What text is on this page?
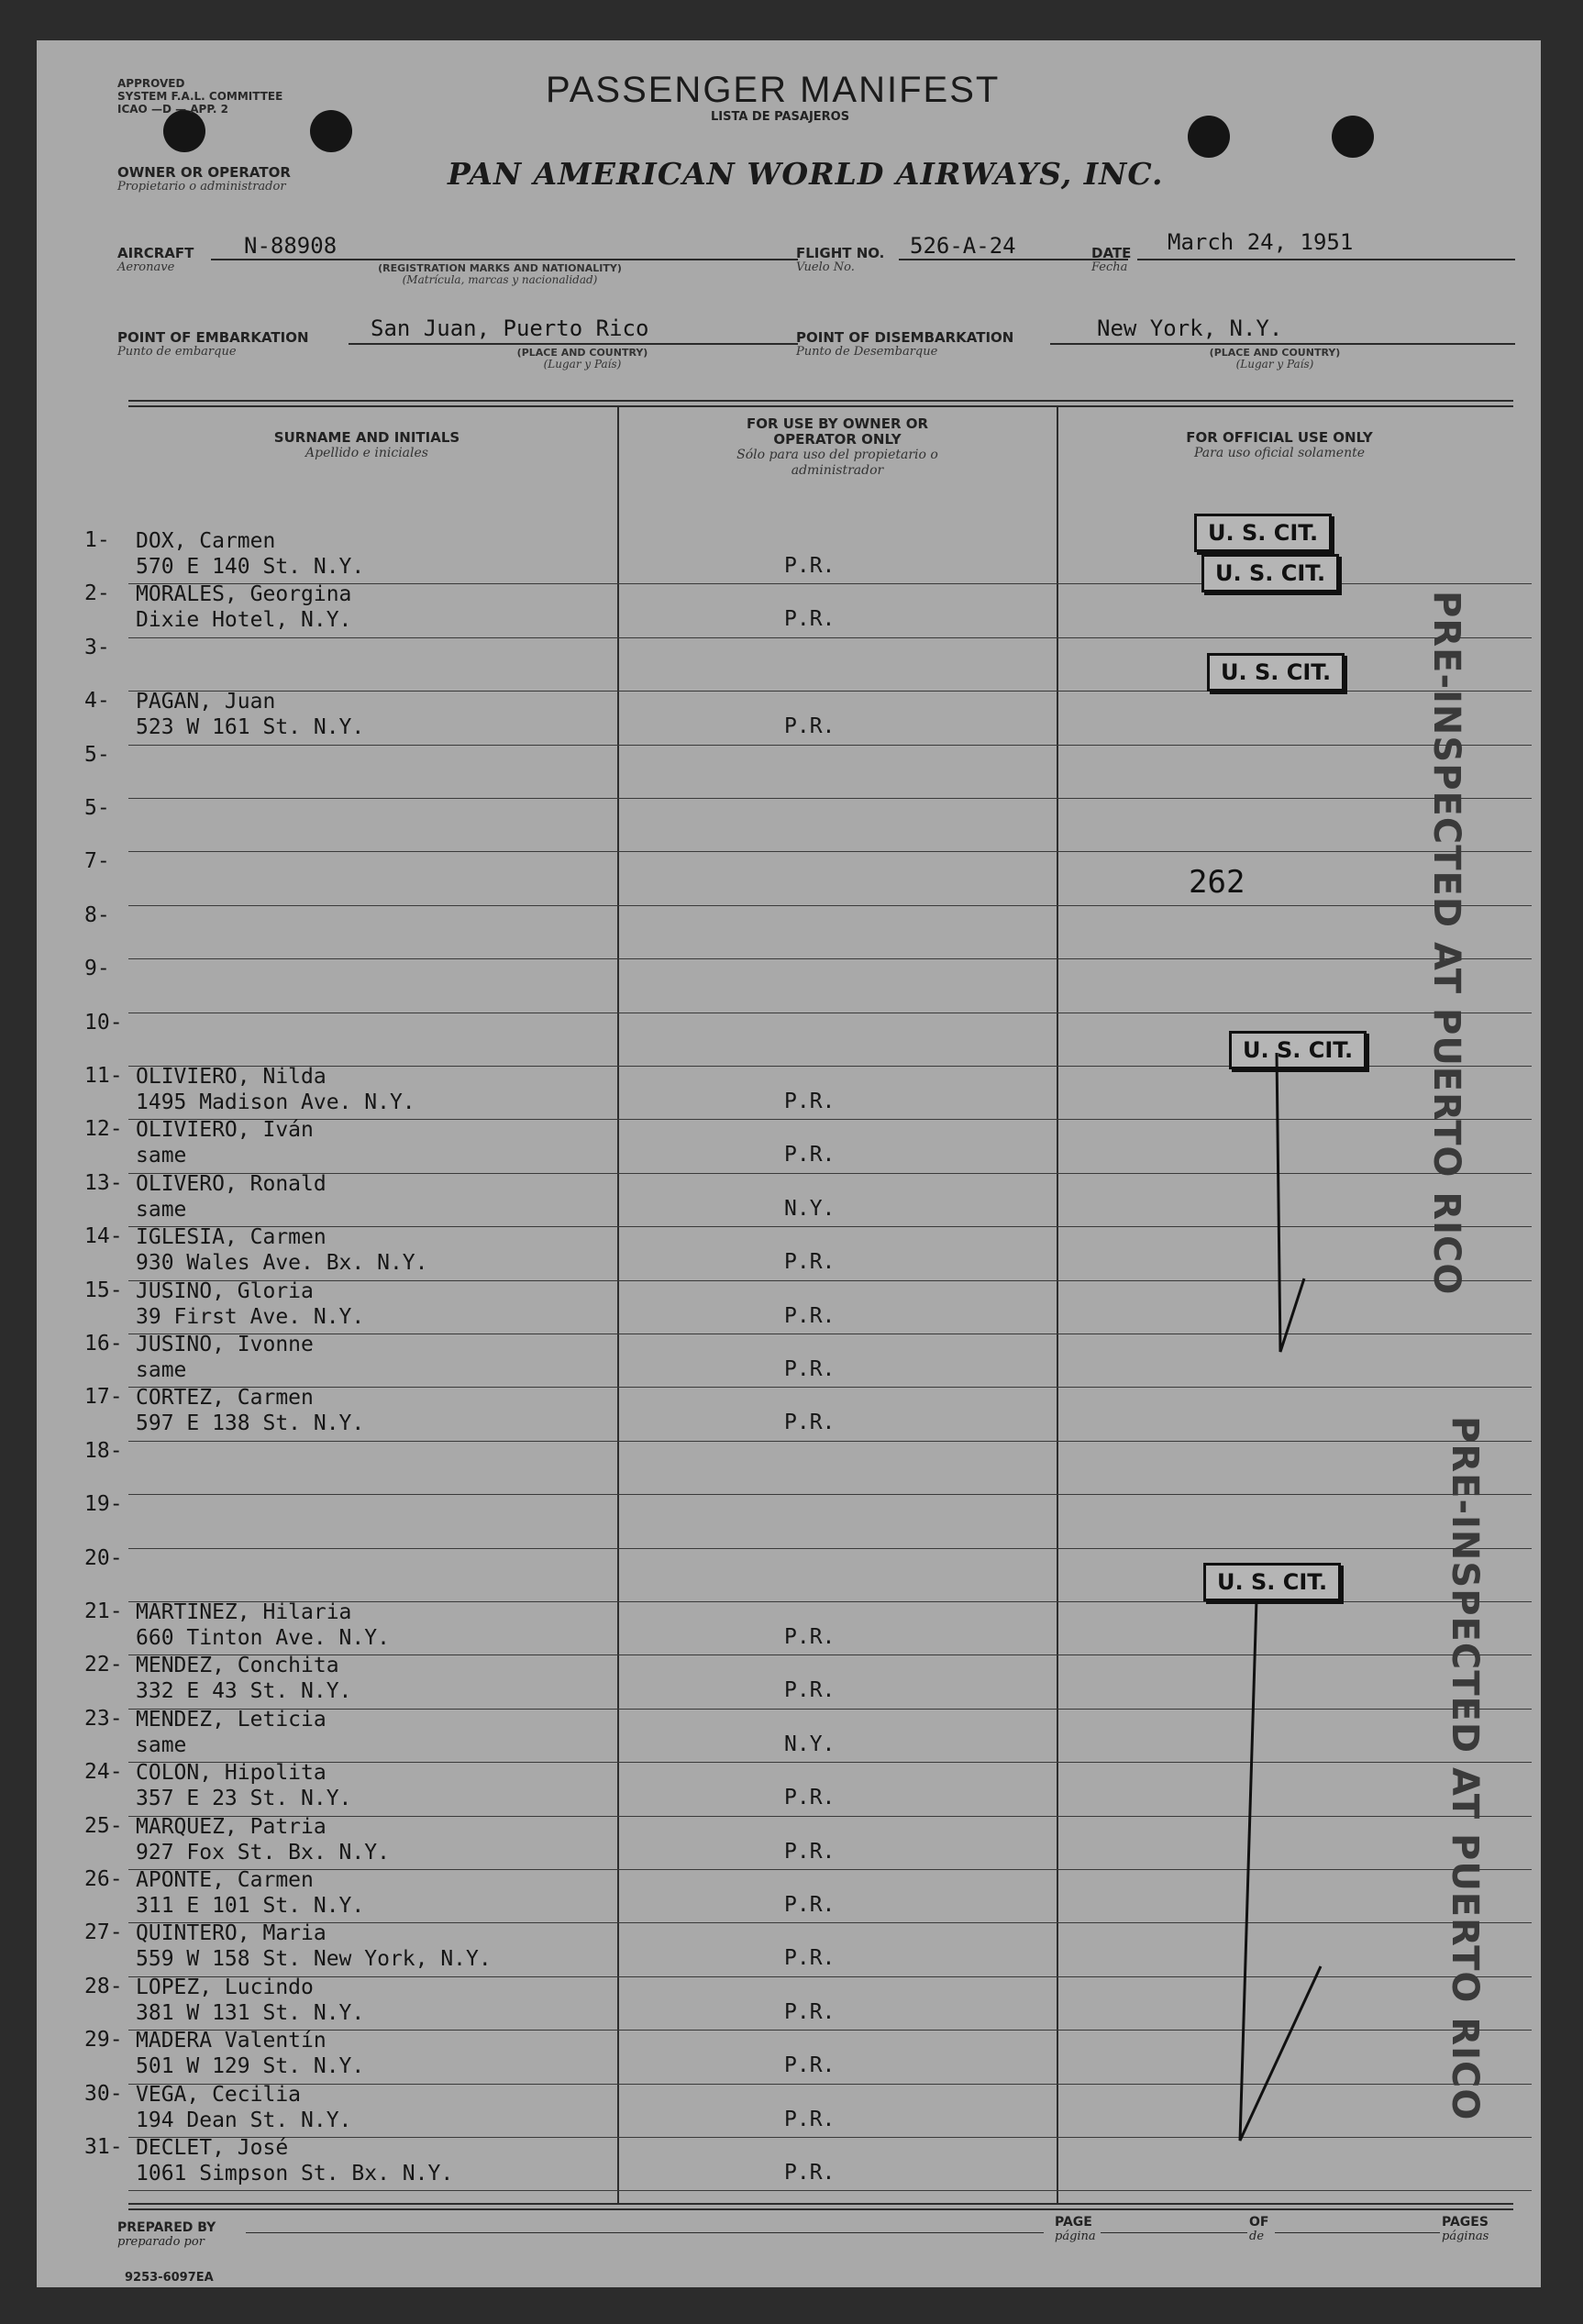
APPROVED
SYSTEM F.A.L. COMMITTEE
ICAO —D — APP. 2	PASSENGER MANIFEST
LISTA DE PASAJEROS
OWNER OR OPERATOR
Propietario o administrador	PAN AMERICAN WORLD AIRWAYS, INC.
AIRCRAFT
Aeronave
N-88908
(REGISTRATION MARKS AND NATIONALITY)
(Matrícula, marcas y nacionalidad)
FLIGHT NO.
Vuelo No.
526-A-24	DATE
Fecha
March 24, 1951
POINT OF EMBARKATION
Punto de embarque
San Juan, Puerto Rico
(PLACE AND COUNTRY)
(Lugar y País)
POINT OF DISEMBARKATION
Punto de Desembarque
New York, N.Y.
(PLACE AND COUNTRY)
(Lugar y País)
SURNAME AND INITIALS
Apellido e iniciales
FOR USE BY OWNER OR OPERATOR ONLY
Sólo para uso del propietario o administrador
FOR OFFICIAL USE ONLY
Para uso oficial solamente
1- DOX, Carmen
570 E 140 St. N.Y.	P.R.
2- MORALES, Georgina
Dixie Hotel, N.Y.	P.R.
3-
4- PAGAN, Juan
523 W 161 St. N.Y.	P.R.
5-
5-
7-
8-
9-
10-
11- OLIVIERO, Nilda
1495 Madison Ave. N.Y.	P.R.
12- OLIVIERO, Iván
same	P.R.
13- OLIVERO, Ronald
same	N.Y.
14- IGLESIA, Carmen
930 Wales Ave. Bx. N.Y.	P.R.
15- JUSINO, Gloria
39 First Ave. N.Y.	P.R.
16- JUSINO, Ivonne
same	P.R.
17- CORTEZ, Carmen
597 E 138 St. N.Y.	P.R.
18-
19-
20-
21- MARTINEZ, Hilaria
660 Tinton Ave. N.Y.	P.R.
22- MENDEZ, Conchita
332 E 43 St. N.Y.	P.R.
23- MENDEZ, Leticia
same	N.Y.
24- COLON, Hipolita
357 E 23 St. N.Y.	P.R.
25- MARQUEZ, Patria
927 Fox St. Bx. N.Y.	P.R.
26- APONTE, Carmen
311 E 101 St. N.Y.	P.R.
27- QUINTERO, Maria
559 W 158 St. New York, N.Y.	P.R.
28- LOPEZ, Lucindo
381 W 131 St. N.Y.	P.R.
29- MADERA Valentín
501 W 129 St. N.Y.	P.R.
30- VEGA, Cecilia
194 Dean St. N.Y.	P.R.
31- DECLET, José
1061 Simpson St. Bx. N.Y.	P.R.
U. S. CIT.
U. S. CIT.
U. S. CIT.
U. S. CIT.
U. S. CIT.
262	PRE-INSPECTED AT PUERTO RICO
PRE-INSPECTED AT PUERTO RICO
PREPARED BY
preparado por
PAGE
página
OF
de
PAGES
páginas
9253-6097EA
